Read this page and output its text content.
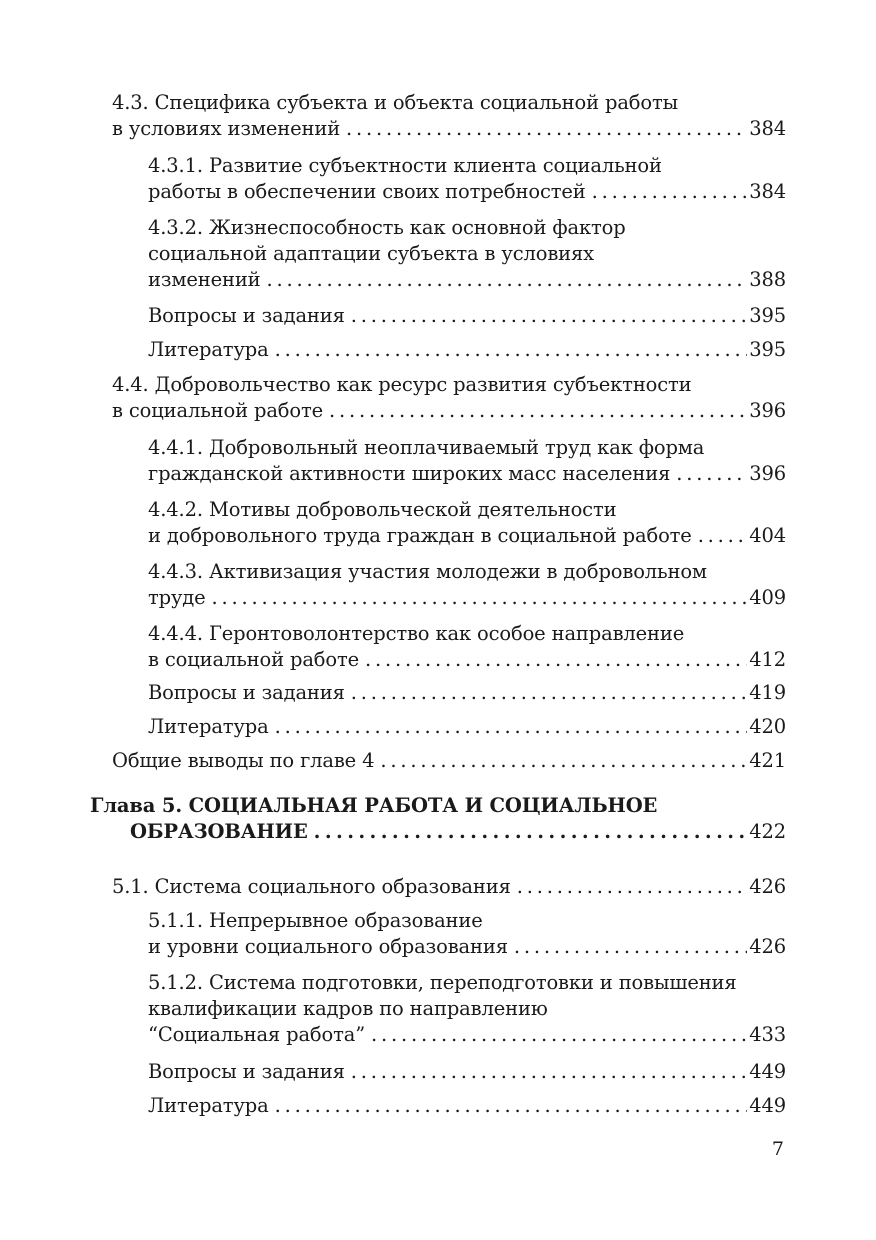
4.3. Специфика субъекта и объекта социальной работы
в условиях изменений . . .	384
4.3.1. Развитие субъектности клиента социальной
работы в обеспечении своих потребностей . . .	384
4.3.2. Жизнеспособность как основной фактор
социальной адаптации субъекта в условиях
изменений . . .	388
Вопросы и задания . . .	395
Литература . . .	395
4.4. Добровольчество как ресурс развития субъектности
в социальной работе . . .	396
4.4.1. Добровольный неоплачиваемый труд как форма
гражданской активности широких масс населения . . .	396
4.4.2. Мотивы добровольческой деятельности
и добровольного труда граждан в социальной работе . . .	404
4.4.3. Активизация участия молодежи в добровольном
труде . . .	409
4.4.4. Геронтоволонтерство как особое направление
в социальной работе . . .	412
Вопросы и задания . . .	419
Литература . . .	420
Общие выводы по главе 4 . . .	421
Глава 5. СОЦИАЛЬНАЯ РАБОТА И СОЦИАЛЬНОЕ
ОБРАЗОВАНИЕ . . .	422
5.1. Система социального образования . . .	426
5.1.1. Непрерывное образование
и уровни социального образования . . .	426
5.1.2. Система подготовки, переподготовки и повышения
квалификации кадров по направлению
“Социальная работа” . . .	433
Вопросы и задания . . .	449
Литература . . .	449
7
